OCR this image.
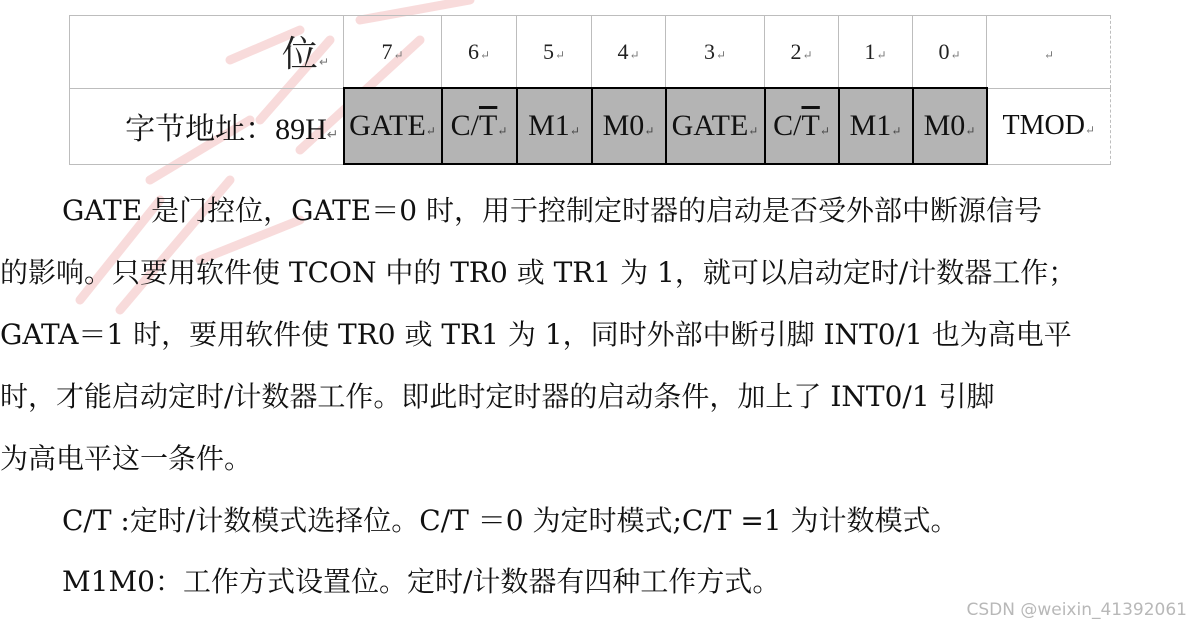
位↵	7↵	6↵	5↵	4↵	3↵	2↵	1↵	0↵	↵
字节地址：89H↵	GATE↵	$C/\overline{T}↵$	M1↵	M0↵	GATE↵	$C/\overline{T}↵$	M1↵	M0↵	TMOD↵
GATE 是门控位，GATE＝0 时，用于控制定时器的启动是否受外部中断源信号
的影响。只要用软件使 TCON 中的 TR0 或 TR1 为 1，就可以启动定时/计数器工作；
GATA＝1 时，要用软件使 TR0 或 TR1 为 1，同时外部中断引脚 INT0/1 也为高电平
时，才能启动定时/计数器工作。即此时定时器的启动条件，加上了 INT0/1 引脚
为高电平这一条件。
C/T :定时/计数模式选择位。C/T ＝0 为定时模式;C/T =1 为计数模式。
M1M0：工作方式设置位。定时/计数器有四种工作方式。
CSDN @weixin_41392061
